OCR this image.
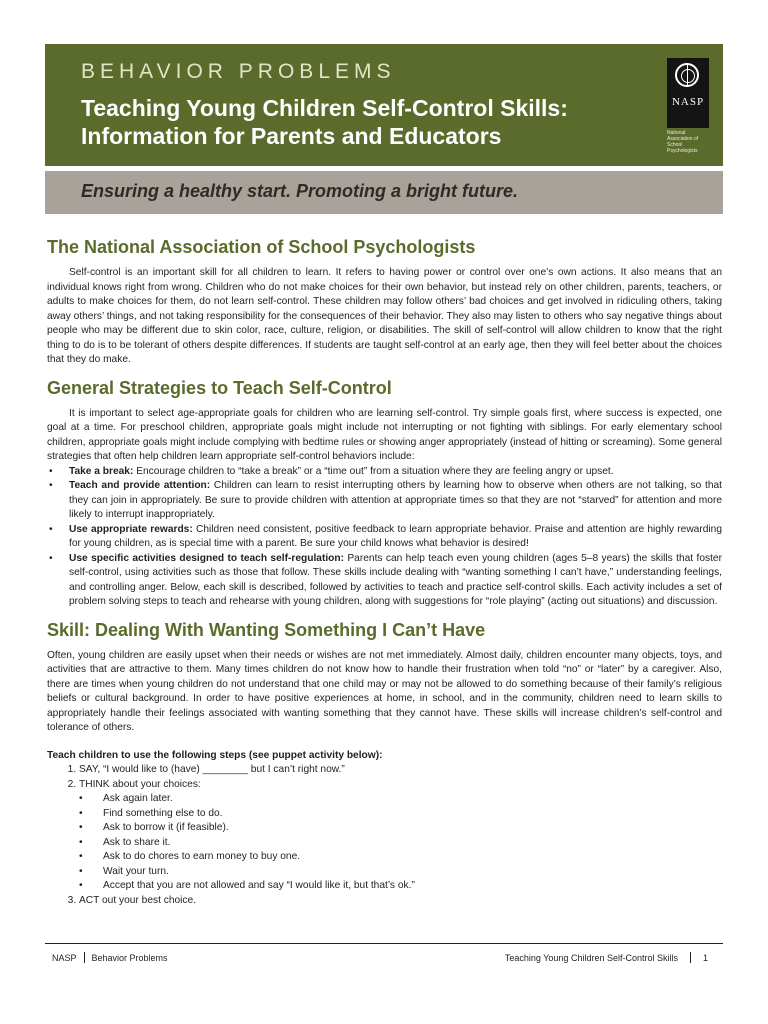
BEHAVIOR PROBLEMS
Teaching Young Children Self-Control Skills:
Information for Parents and Educators
NASP
National Association of School Psychologists
Ensuring a healthy start. Promoting a bright future.
The National Association of School Psychologists

Self-control is an important skill for all children to learn. It refers to having power or control over one’s own actions. It also means that an individual knows right from wrong. Children who do not make choices for their own behavior, but instead rely on other children, parents, teachers, or adults to make choices for them, do not learn self-control. These children may follow others’ bad choices and get involved in ridiculing others, taking away others’ things, and not taking responsibility for the consequences of their behavior. They also may listen to others who say negative things about people who may be different due to skin color, race, culture, religion, or disabilities. The skill of self-control will allow children to know that the right thing to do is to be tolerant of others despite differences. If students are taught self-control at an early age, then they will feel better about the choices that they do make.

General Strategies to Teach Self-Control

It is important to select age-appropriate goals for children who are learning self-control. Try simple goals first, where success is expected, one goal at a time. For preschool children, appropriate goals might include not interrupting or not fighting with siblings. For early elementary school children, appropriate goals might include complying with bedtime rules or showing anger appropriately (instead of hitting or screaming). Some general strategies that often help children learn appropriate self-control behaviors include:

• Take a break: Encourage children to “take a break” or a “time out” from a situation where they are feeling angry or upset.
• Teach and provide attention: Children can learn to resist interrupting others by learning how to observe when others are not talking, so that they can join in appropriately. Be sure to provide children with attention at appropriate times so that they are not “starved” for attention and more likely to interrupt inappropriately.
• Use appropriate rewards: Children need consistent, positive feedback to learn appropriate behavior. Praise and attention are highly rewarding for young children, as is special time with a parent. Be sure your child knows what behavior is desired!
• Use specific activities designed to teach self-regulation: Parents can help teach even young children (ages 5–8 years) the skills that foster self-control, using activities such as those that follow. These skills include dealing with “wanting something I can’t have,” understanding feelings, and controlling anger. Below, each skill is described, followed by activities to teach and practice self-control skills. Each activity includes a set of problem solving steps to teach and rehearse with young children, along with suggestions for “role playing” (acting out situations) and discussion.
Skill: Dealing With Wanting Something I Can’t Have

Often, young children are easily upset when their needs or wishes are not met immediately. Almost daily, children encounter many objects, toys, and activities that are attractive to them. Many times children do not know how to handle their frustration when told “no” or “later” by a caregiver. Also, there are times when young children do not understand that one child may or may not be allowed to do something because of their family’s religious beliefs or cultural background. In order to have positive experiences at home, in school, and in the community, children need to learn skills to appropriately handle their feelings associated with wanting something that they cannot have. These skills will increase children’s self-control and tolerance of others.

Teach children to use the following steps (see puppet activity below):
1. SAY, “I would like to (have) ________ but I can’t right now.”
2. THINK about your choices:
• Ask again later.
• Find something else to do.
• Ask to borrow it (if feasible).
• Ask to share it.
• Ask to do chores to earn money to buy one.
• Wait your turn.
• Accept that you are not allowed and say “I would like it, but that’s ok.”
3. ACT out your best choice.
NASP Behavior Problems	Teaching Young Children Self-Control Skills	1
